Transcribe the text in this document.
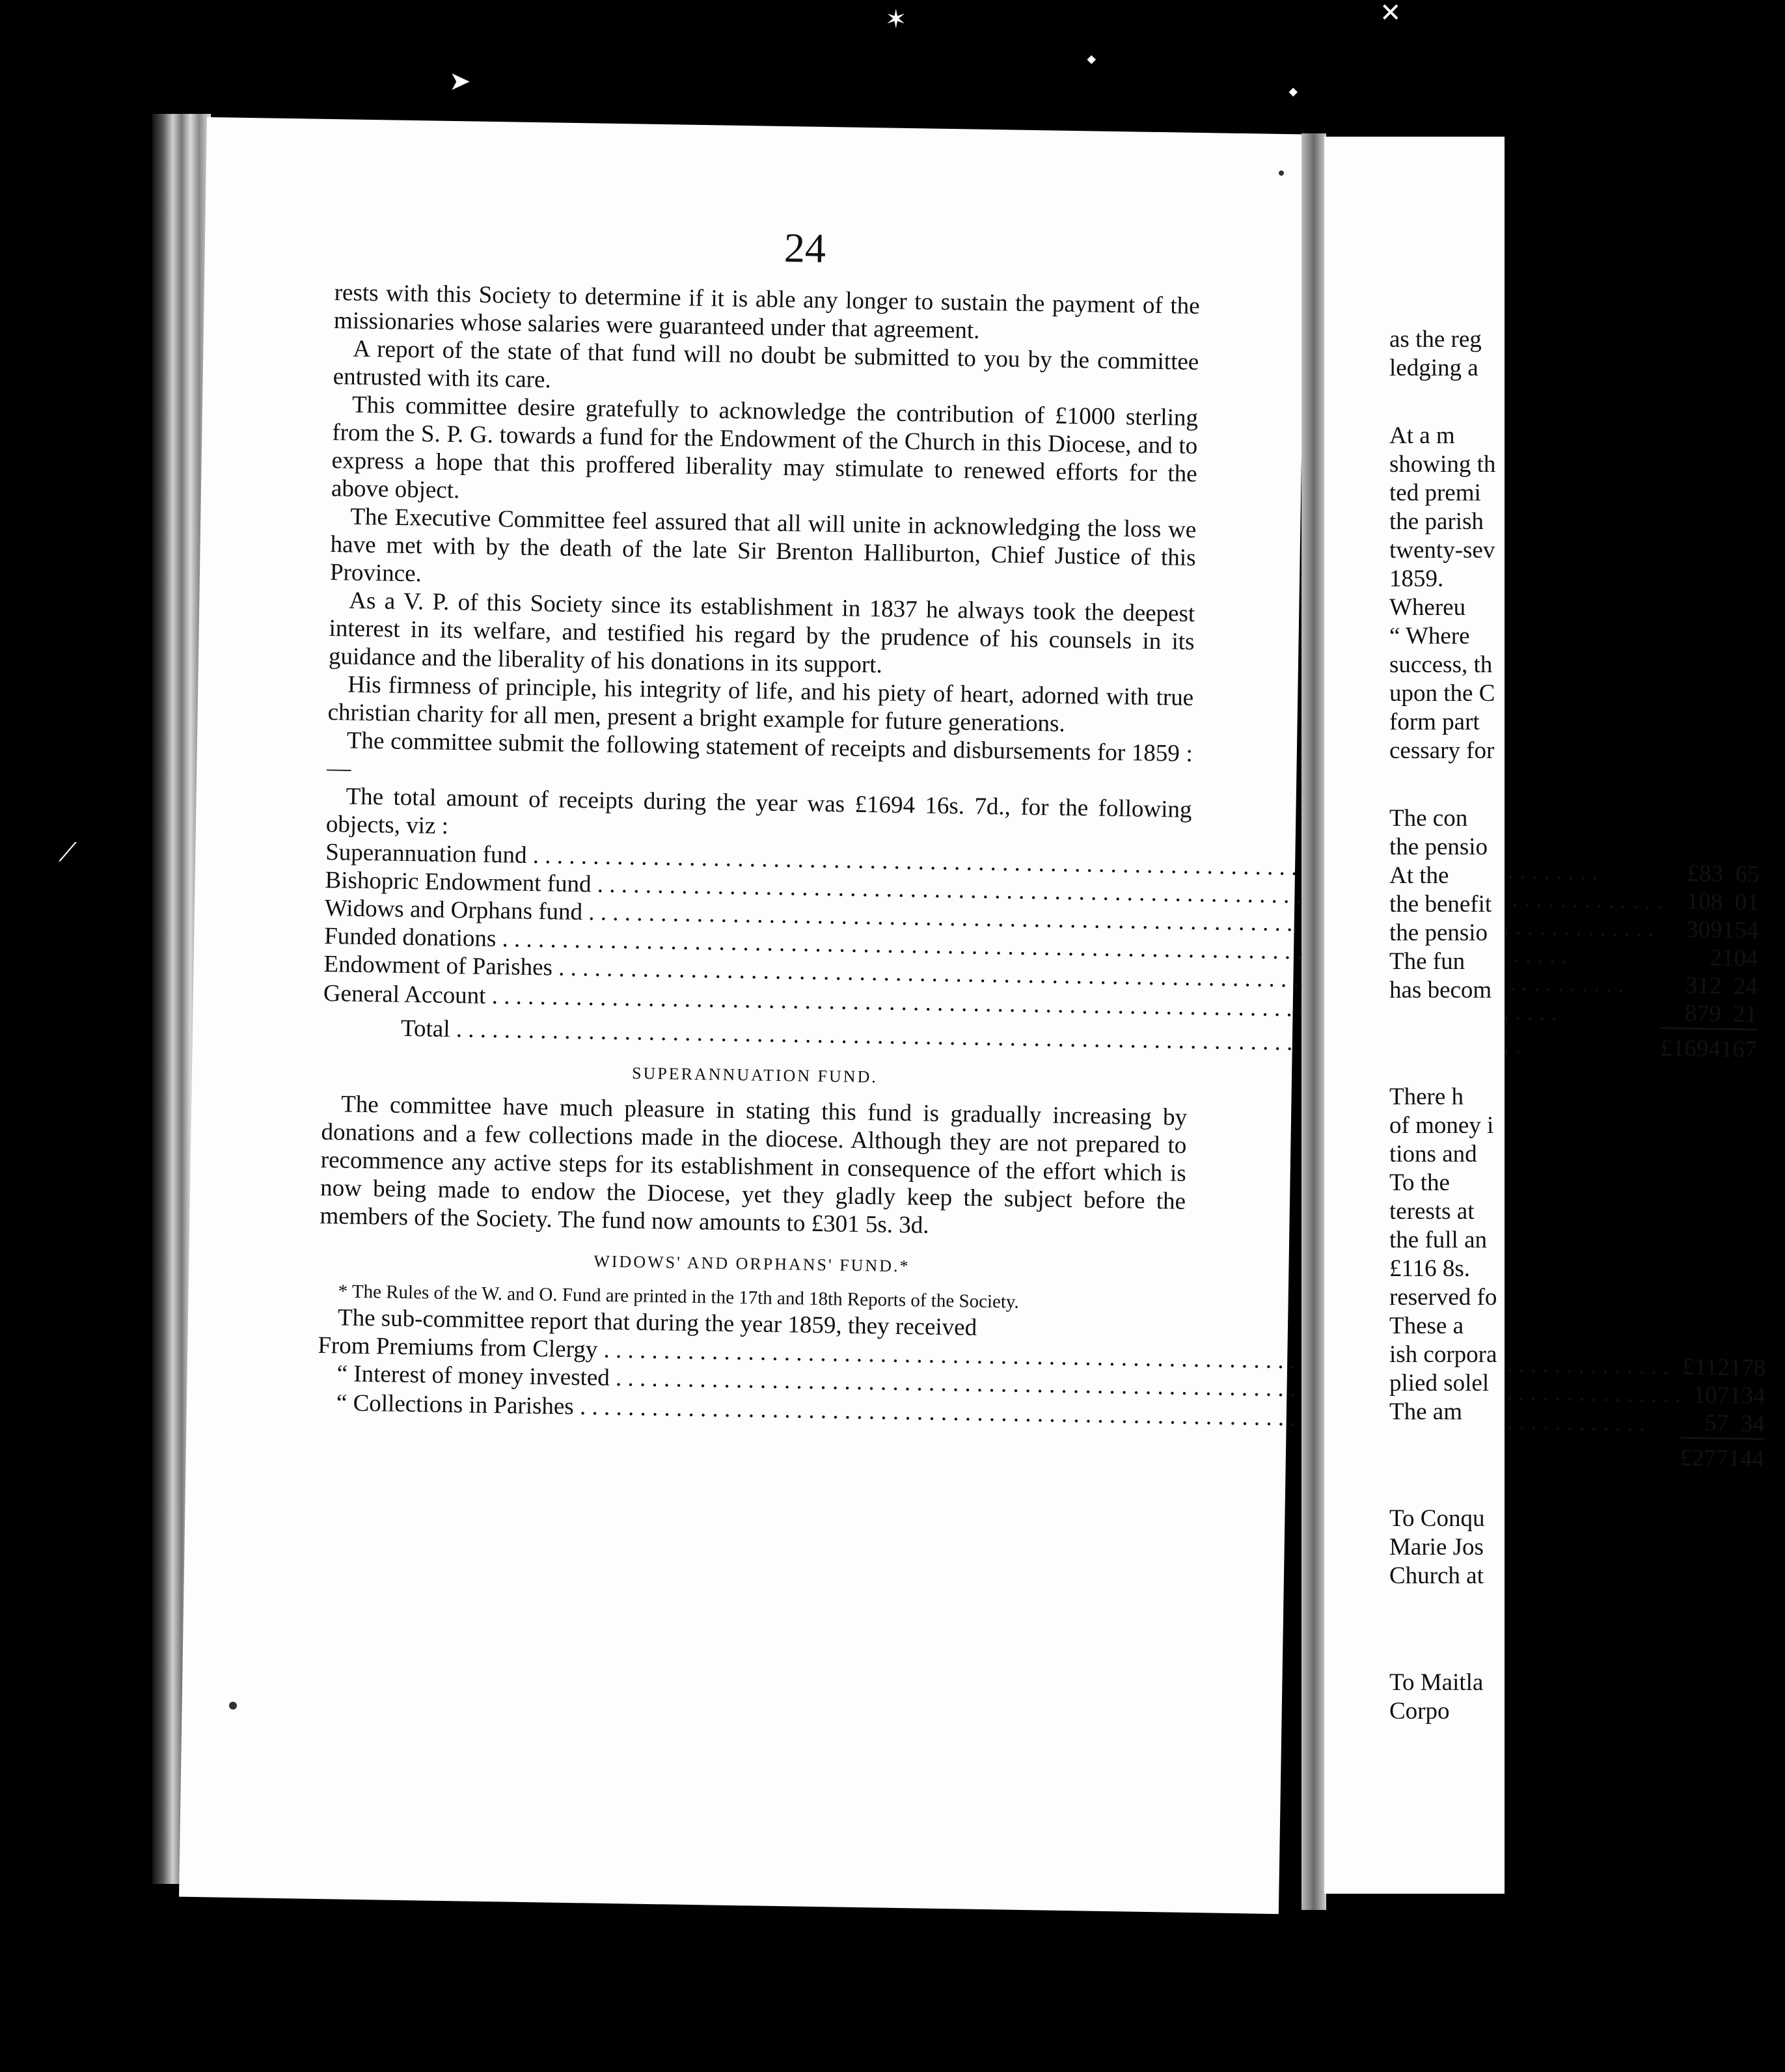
✶
➤
✕
⬩
⟋
⬩
24

rests with this Society to determine if it is able any longer to sustain the payment of the missionaries whose salaries were guaranteed under that agreement.

A report of the state of that fund will no doubt be submitted to you by the committee entrusted with its care.

This committee desire gratefully to acknowledge the contribution of £1000 sterling from the S. P. G. towards a fund for the Endowment of the Church in this Diocese, and to express a hope that this proffered liberality may stimulate to renewed efforts for the above object.

The Executive Committee feel assured that all will unite in acknowledging the loss we have met with by the death of the late Sir Brenton Halliburton, Chief Justice of this Province.

As a V. P. of this Society since its establishment in 1837 he always took the deepest interest in its welfare, and testified his regard by the prudence of his counsels in its guidance and the liberality of his donations in its support.

His firmness of principle, his integrity of life, and his piety of heart, adorned with true christian charity for all men, present a bright example for future generations.

The committee submit the following statement of receipts and disbursements for 1859 :—

The total amount of receipts during the year was £1694 16s. 7d., for the following objects, viz :

Superannuation fund . . .	£83	6	5
Bishopric Endowment fund . . .	108	0	1
Widows and Orphans fund . . .	309	15	4
Funded donations . . .	2	10	4
Endowment of Parishes . . .	312	2	4
General Account . . .	879	2	1

Total . . .	£1694	16	7
SUPERANNUATION FUND.

The committee have much pleasure in stating this fund is gradually increasing by donations and a few collections made in the diocese. Although they are not prepared to recommence any active steps for its establishment in consequence of the effort which is now being made to endow the Diocese, yet they gladly keep the subject before the members of the Society. The fund now amounts to £301 5s. 3d.

WIDOWS' AND ORPHANS' FUND.*

* The Rules of the W. and O. Fund are printed in the 17th and 18th Reports of the Society.

The sub-committee report that during the year 1859, they received

From Premiums from Clergy . . .	£112	17	8
“ Interest of money invested . . .	107	13	4
“ Collections in Parishes . . .	57	3	4

	£277	14	4
as the reg
ledging a
At a m
showing th
ted premi
the parish
twenty-sev
1859.
Whereu
“ Where
success, th
upon the C
form part
cessary for
The con
the pensio
At the
the benefit
the pensio
The fun
has becom
There h
of money i
tions and
To the
terests at
the full an
£116 8s.
reserved fo
These a
ish corpora
plied solel
The am
To Conqu
Marie Jos
Church at
To Maitla
Corpo
